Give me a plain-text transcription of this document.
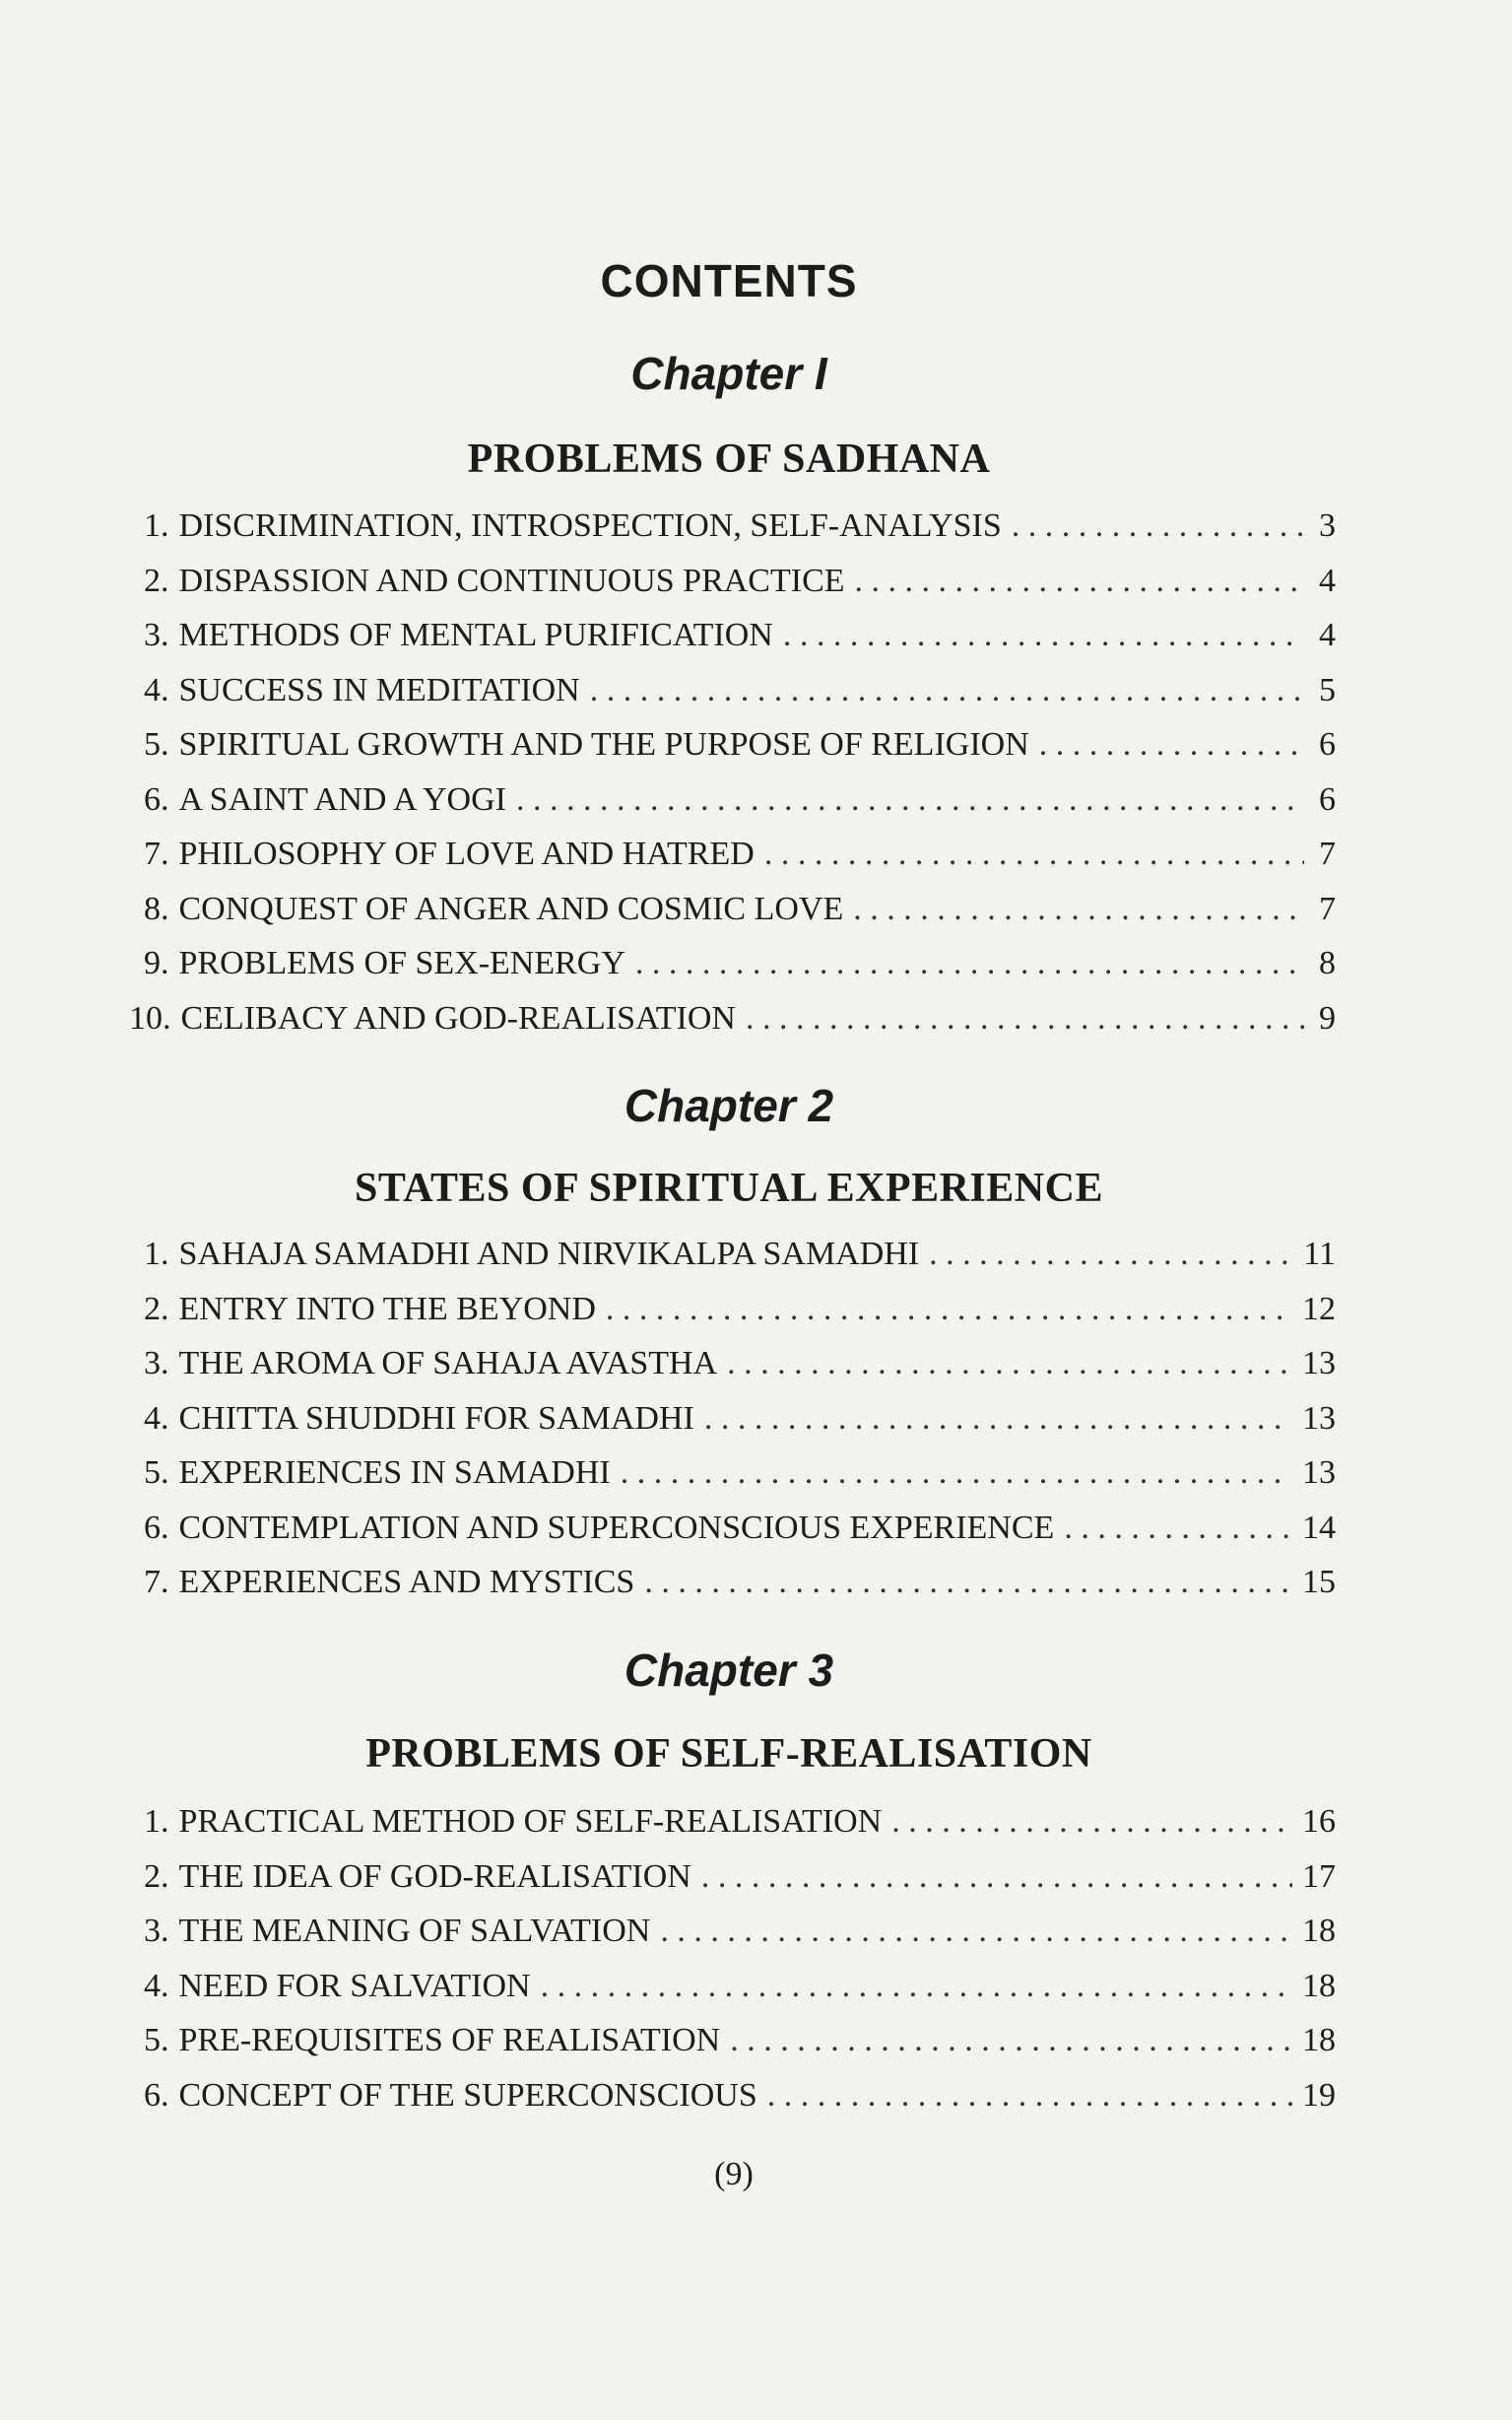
CONTENTS
Chapter I
PROBLEMS OF SADHANA
1. DISCRIMINATION, INTROSPECTION, SELF-ANALYSIS . . .	3
2. DISPASSION AND CONTINUOUS PRACTICE . . .	4
3. METHODS OF MENTAL PURIFICATION . . .	4
4. SUCCESS IN MEDITATION . . .	5
5. SPIRITUAL GROWTH AND THE PURPOSE OF RELIGION . . .	6
6. A SAINT AND A YOGI . . .	6
7. PHILOSOPHY OF LOVE AND HATRED . . .	7
8. CONQUEST OF ANGER AND COSMIC LOVE . . .	7
9. PROBLEMS OF SEX-ENERGY . . .	8
10. CELIBACY AND GOD-REALISATION . . .	9
Chapter 2
STATES OF SPIRITUAL EXPERIENCE
1. SAHAJA SAMADHI AND NIRVIKALPA SAMADHI . . .	11
2. ENTRY INTO THE BEYOND . . .	12
3. THE AROMA OF SAHAJA AVASTHA . . .	13
4. CHITTA SHUDDHI FOR SAMADHI . . .	13
5. EXPERIENCES IN SAMADHI . . .	13
6. CONTEMPLATION AND SUPERCONSCIOUS EXPERIENCE . . .	14
7. EXPERIENCES AND MYSTICS . . .	15
Chapter 3
PROBLEMS OF SELF-REALISATION
1. PRACTICAL METHOD OF SELF-REALISATION . . .	16
2. THE IDEA OF GOD-REALISATION . . .	17
3. THE MEANING OF SALVATION . . .	18
4. NEED FOR SALVATION . . .	18
5. PRE-REQUISITES OF REALISATION . . .	18
6. CONCEPT OF THE SUPERCONSCIOUS . . .	19
(9)
